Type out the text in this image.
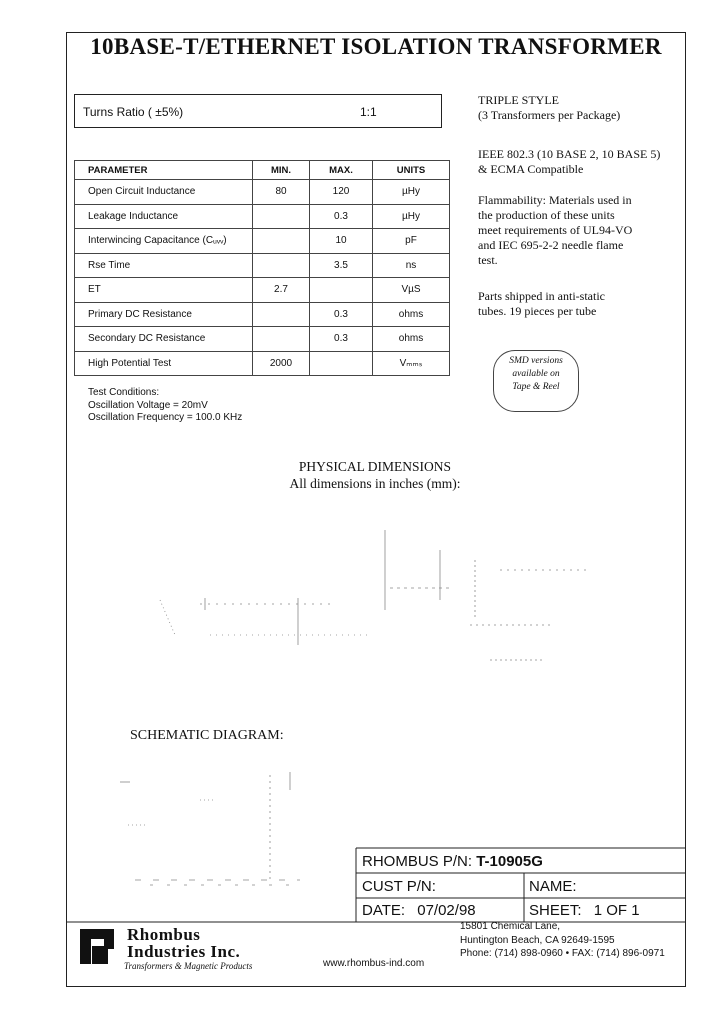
10BASE-T/ETHERNET ISOLATION TRANSFORMER
Turns Ratio ( ±5%)	1:1
PARAMETER	MIN.	MAX.	UNITS
Open Circuit Inductance	80	120	µHy
Leakage Inductance		0.3	µHy
Interwincing Capacitance (Cᵤᵥᵥ)		10	pF
Rse Time		3.5	ns
ET	2.7		VµS
Primary DC Resistance		0.3	ohms
Secondary DC Resistance		0.3	ohms
High Potential Test	2000		Vₘₘₛ
Test Conditions:
Oscillation Voltage = 20mV
Oscillation Frequency = 100.0 KHz
TRIPLE STYLE
(3 Transformers per Package)
IEEE 802.3 (10 BASE 2, 10 BASE 5)
& ECMA Compatible
Flammability: Materials used in
the production of these units
meet requirements of UL94-VO
and IEC 695-2-2 needle flame
test.
Parts shipped in anti-static
tubes. 19 pieces per tube
SMD versions
available on
Tape & Reel
PHYSICAL DIMENSIONS
All dimensions in inches (mm):
SCHEMATIC DIAGRAM:
RHOMBUS P/N: T-10905G
CUST P/N:	NAME:
DATE: 07/02/98	SHEET: 1 OF 1
Rhombus
Industries Inc.
Transformers & Magnetic Products	www.rhombus-ind.com
15801 Chemical Lane,
Huntington Beach, CA 92649-1595
Phone: (714) 898-0960 • FAX: (714) 896-0971
